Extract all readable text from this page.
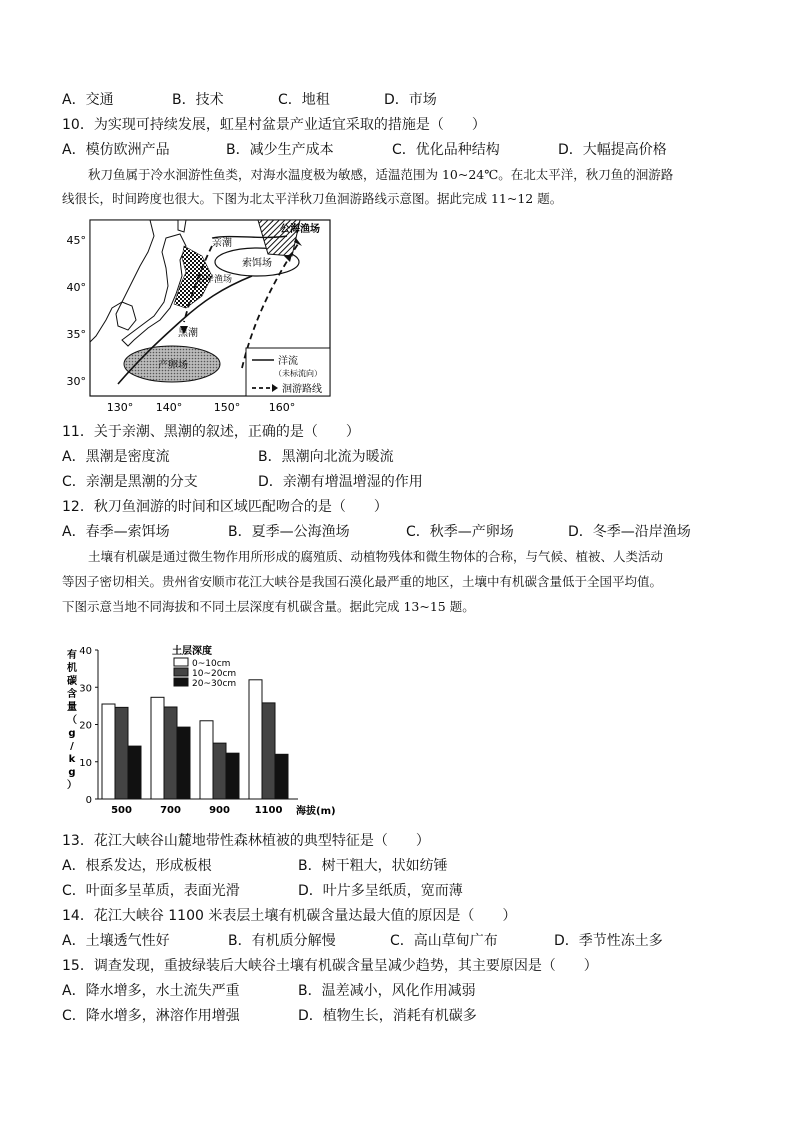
A．交通	B．技术	C．地租	D．市场
10．为实现可持续发展，虹星村盆景产业适宜采取的措施是（　　）
A．模仿欧洲产品	B．减少生产成本	C．优化品种结构	D．大幅提高价格
秋刀鱼属于冷水洄游性鱼类，对海水温度极为敏感，适温范围为 10~24℃。在北太平洋，秋刀鱼的洄游路
线很长，时间跨度也很大。下图为北太平洋秋刀鱼洄游路线示意图。据此完成 11~12 题。
45°
40°
35°
30°
130° 140°	150°	160°
亲潮
公海渔场
索饵场
沿岸渔场
黑潮
产卵场	洋流
（未标流向）
洄游路线
11．关于亲潮、黑潮的叙述，正确的是（　　）
A．黑潮是密度流	B．黑潮向北流为暖流
C．亲潮是黑潮的分支	D．亲潮有增温增湿的作用
12．秋刀鱼洄游的时间和区域匹配吻合的是（　　）
A．春季—索饵场	B．夏季—公海渔场	C．秋季—产卵场	D．冬季—沿岸渔场
土壤有机碳是通过微生物作用所形成的腐殖质、动植物残体和微生物体的合称，与气候、植被、人类活动
等因子密切相关。贵州省安顺市花江大峡谷是我国石漠化最严重的地区，土壤中有机碳含量低于全国平均值。
下图示意当地不同海拔和不同土层深度有机碳含量。据此完成 13~15 题。
有
机
碳
含
量
（
g
/
k
g
）
0
10
20
30
40
500	700	900 1100 海拔(m)
土层深度
0~10cm
10~20cm
20~30cm
13．花江大峡谷山麓地带性森林植被的典型特征是（　　）
A．根系发达，形成板根	B．树干粗大，状如纺锤
C．叶面多呈革质，表面光滑	D．叶片多呈纸质，宽而薄
14．花江大峡谷 1100 米表层土壤有机碳含量达最大值的原因是（　　）
A．土壤透气性好	B．有机质分解慢	C．高山草甸广布	D．季节性冻土多
15．调查发现，重披绿装后大峡谷土壤有机碳含量呈减少趋势，其主要原因是（　　）
A．降水增多，水土流失严重	B．温差减小，风化作用减弱
C．降水增多，淋溶作用增强	D．植物生长，消耗有机碳多
